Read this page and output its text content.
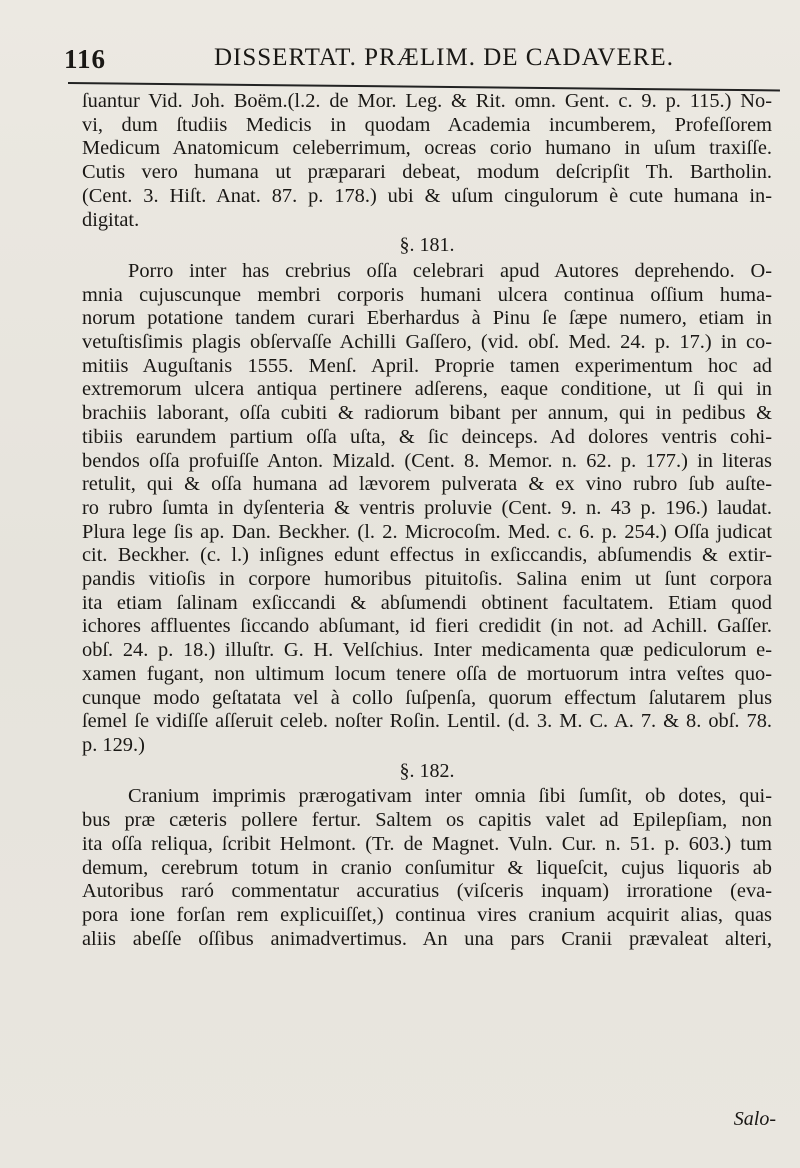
116	DISSERTAT. PRÆLIM. DE CADAVERE.
ſuantur Vid. Joh. Boëm.(l.2. de Mor. Leg. & Rit. omn. Gent. c. 9. p. 115.) No-
vi, dum ſtudiis Medicis in quodam Academia incumberem, Profeſſorem
Medicum Anatomicum celeberrimum, ocreas corio humano in uſum traxiſſe.
Cutis vero humana ut præparari debeat, modum deſcripſit Th. Bartholin.
(Cent. 3. Hiſt. Anat. 87. p. 178.) ubi & uſum cingulorum è cute humana in-
digitat.
§. 181.
Porro inter has crebrius oſſa celebrari apud Autores deprehendo. O-
mnia cujuscunque membri corporis humani ulcera continua oſſium huma-
norum potatione tandem curari Eberhardus à Pinu ſe ſæpe numero, etiam in
vetuſtisſimis plagis obſervaſſe Achilli Gaſſero, (vid. obſ. Med. 24. p. 17.) in co-
mitiis Auguſtanis 1555. Menſ. April. Proprie tamen experimentum hoc ad
extremorum ulcera antiqua pertinere adſerens, eaque conditione, ut ſi qui in
brachiis laborant, oſſa cubiti & radiorum bibant per annum, qui in pedibus &
tibiis earundem partium oſſa uſta, & ſic deinceps. Ad dolores ventris cohi-
bendos oſſa profuiſſe Anton. Mizald. (Cent. 8. Memor. n. 62. p. 177.) in literas
retulit, qui & oſſa humana ad lævorem pulverata & ex vino rubro ſub auſte-
ro rubro ſumta in dyſenteria & ventris proluvie (Cent. 9. n. 43 p. 196.) laudat.
Plura lege ſis ap. Dan. Beckher. (l. 2. Microcoſm. Med. c. 6. p. 254.) Oſſa judicat
cit. Beckher. (c. l.) inſignes edunt effectus in exſiccandis, abſumendis & extir-
pandis vitioſis in corpore humoribus pituitoſis. Salina enim ut ſunt corpora
ita etiam ſalinam exſiccandi & abſumendi obtinent facultatem. Etiam quod
ichores affluentes ſiccando abſumant, id fieri credidit (in not. ad Achill. Gaſſer.
obſ. 24. p. 18.) illuſtr. G. H. Velſchius. Inter medicamenta quæ pediculorum e-
xamen fugant, non ultimum locum tenere oſſa de mortuorum intra veſtes quo-
cunque modo geſtatata vel à collo ſuſpenſa, quorum effectum ſalutarem plus
ſemel ſe vidiſſe aſſeruit celeb. noſter Roſin. Lentil. (d. 3. M. C. A. 7. & 8. obſ. 78.
p. 129.)
§. 182.
Cranium imprimis prærogativam inter omnia ſibi ſumſit, ob dotes, qui-
bus præ cæteris pollere fertur. Saltem os capitis valet ad Epilepſiam, non
ita oſſa reliqua, ſcribit Helmont. (Tr. de Magnet. Vuln. Cur. n. 51. p. 603.) tum
demum, cerebrum totum in cranio conſumitur & liqueſcit, cujus liquoris ab
Autoribus raró commentatur accuratius (viſceris inquam) irroratione (eva-
pora ione forſan rem explicuiſſet,) continua vires cranium acquirit alias, quas
aliis abeſſe oſſibus animadvertimus. An una pars Cranii prævaleat alteri,
Salo-
